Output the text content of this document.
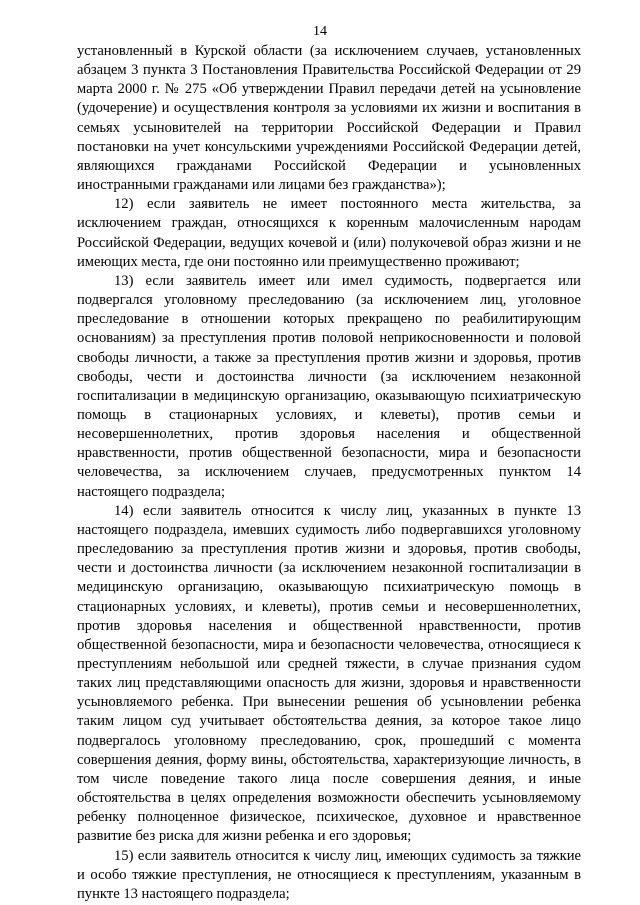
14

установленный в Курской области (за исключением случаев, установленных абзацем 3 пункта 3 Постановления Правительства Российской Федерации от 29 марта 2000 г. № 275 «Об утверждении Правил передачи детей на усыновление (удочерение) и осуществления контроля за условиями их жизни и воспитания в семьях усыновителей на территории Российской Федерации и Правил постановки на учет консульскими учреждениями Российской Федерации детей, являющихся гражданами Российской Федерации и усыновленных иностранными гражданами или лицами без гражданства»);

12) если заявитель не имеет постоянного места жительства, за исключением граждан, относящихся к коренным малочисленным народам Российской Федерации, ведущих кочевой и (или) полукочевой образ жизни и не имеющих места, где они постоянно или преимущественно проживают;

13) если заявитель имеет или имел судимость, подвергается или подвергался уголовному преследованию (за исключением лиц, уголовное преследование в отношении которых прекращено по реабилитирующим основаниям) за преступления против половой неприкосновенности и половой свободы личности, а также за преступления против жизни и здоровья, против свободы, чести и достоинства личности (за исключением незаконной госпитализации в медицинскую организацию, оказывающую психиатрическую помощь в стационарных условиях, и клеветы), против семьи и несовершеннолетних, против здоровья населения и общественной нравственности, против общественной безопасности, мира и безопасности человечества, за исключением случаев, предусмотренных пунктом 14 настоящего подраздела;

14) если заявитель относится к числу лиц, указанных в пункте 13 настоящего подраздела, имевших судимость либо подвергавшихся уголовному преследованию за преступления против жизни и здоровья, против свободы, чести и достоинства личности (за исключением незаконной госпитализации в медицинскую организацию, оказывающую психиатрическую помощь в стационарных условиях, и клеветы), против семьи и несовершеннолетних, против здоровья населения и общественной нравственности, против общественной безопасности, мира и безопасности человечества, относящиеся к преступлениям небольшой или средней тяжести, в случае признания судом таких лиц представляющими опасность для жизни, здоровья и нравственности усыновляемого ребенка. При вынесении решения об усыновлении ребенка таким лицом суд учитывает обстоятельства деяния, за которое такое лицо подвергалось уголовному преследованию, срок, прошедший с момента совершения деяния, форму вины, обстоятельства, характеризующие личность, в том числе поведение такого лица после совершения деяния, и иные обстоятельства в целях определения возможности обеспечить усыновляемому ребенку полноценное физическое, психическое, духовное и нравственное развитие без риска для жизни ребенка и его здоровья;

15) если заявитель относится к числу лиц, имеющих судимость за тяжкие и особо тяжкие преступления, не относящиеся к преступлениям, указанным в пункте 13 настоящего подраздела;
